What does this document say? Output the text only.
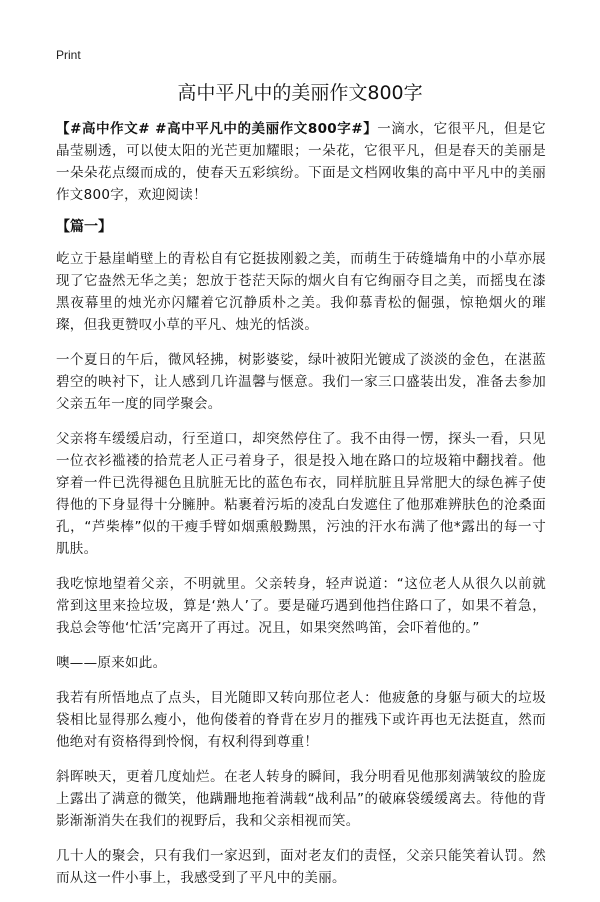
Print
高中平凡中的美丽作文800字

【#高中作文# #高中平凡中的美丽作文800字#】一滴水，它很平凡，但是它晶莹剔透，可以使太阳的光芒更加耀眼；一朵花，它很平凡，但是春天的美丽是一朵朵花点缀而成的，使春天五彩缤纷。下面是文档网收集的高中平凡中的美丽作文800字，欢迎阅读！

【篇一】

屹立于悬崖峭壁上的青松自有它挺拔刚毅之美，而萌生于砖缝墙角中的小草亦展现了它盎然无华之美；恕放于苍茫天际的烟火自有它绚丽夺目之美，而摇曳在漆黑夜幕里的烛光亦闪耀着它沉静质朴之美。我仰慕青松的倔强，惊艳烟火的璀璨，但我更赞叹小草的平凡、烛光的恬淡。

一个夏日的午后，微风轻拂，树影婆娑，绿叶被阳光镀成了淡淡的金色，在湛蓝碧空的映衬下，让人感到几许温馨与惬意。我们一家三口盛装出发，准备去参加父亲五年一度的同学聚会。

父亲将车缓缓启动，行至道口，却突然停住了。我不由得一愣，探头一看，只见一位衣衫褴褛的拾荒老人正弓着身子，很是投入地在路口的垃圾箱中翻找着。他穿着一件已洗得褪色且肮脏无比的蓝色布衣，同样肮脏且异常肥大的绿色裤子使得他的下身显得十分臃肿。粘裹着污垢的凌乱白发遮住了他那难辨肤色的沧桑面孔，“芦柴棒”似的干瘦手臂如烟熏般黝黑，污浊的汗水布满了他*露出的每一寸肌肤。

我吃惊地望着父亲，不明就里。父亲转身，轻声说道：“这位老人从很久以前就常到这里来捡垃圾，算是‘熟人’了。要是碰巧遇到他挡住路口了，如果不着急，我总会等他‘忙活’完离开了再过。况且，如果突然鸣笛，会吓着他的。”

噢——原来如此。

我若有所悟地点了点头，目光随即又转向那位老人：他疲惫的身躯与硕大的垃圾袋相比显得那么瘦小，他佝偻着的脊背在岁月的摧残下或许再也无法挺直，然而他绝对有资格得到怜悯，有权利得到尊重！

斜晖映天，更着几度灿烂。在老人转身的瞬间，我分明看见他那刻满皱纹的脸庞上露出了满意的微笑，他蹒跚地拖着满载“战利品”的破麻袋缓缓离去。待他的背影渐渐消失在我们的视野后，我和父亲相视而笑。

几十人的聚会，只有我们一家迟到，面对老友们的责怪，父亲只能笑着认罚。然而从这一件小事上，我感受到了平凡中的美丽。
